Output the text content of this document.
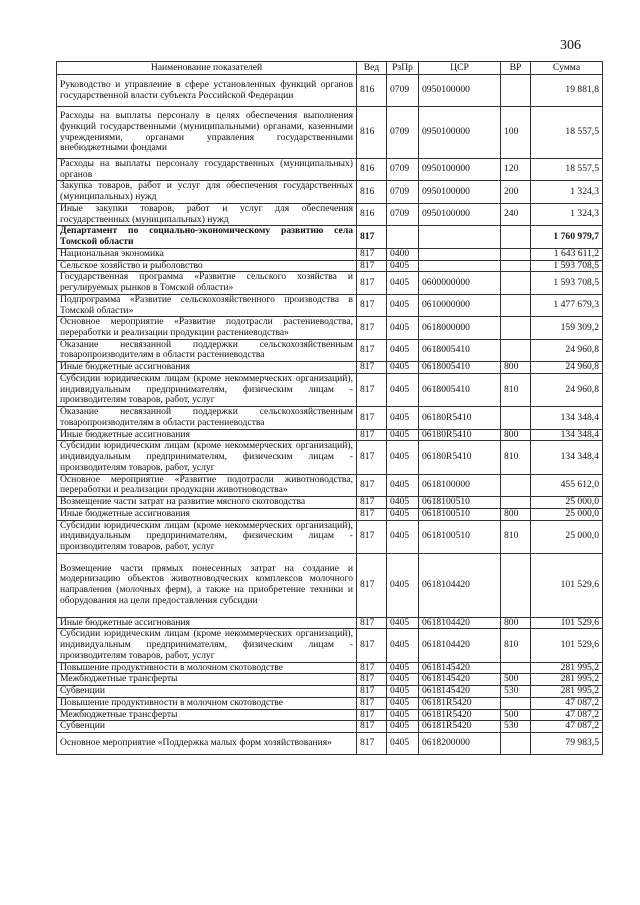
306
Наименование показателей	Вед	РзПр	ЦСР	ВР	Сумма
Руководство и управление в сфере установленных функций органов государственной власти субъекта Российской Федерации	816	0709	0950100000		19 881,8
Расходы на выплаты персоналу в целях обеспечения выполнения функций государственными (муниципальными) органами, казенными учреждениями, органами управления государственными внебюджетными фондами	816	0709	0950100000	100	18 557,5
Расходы на выплаты персоналу государственных (муниципальных) органов	816	0709	0950100000	120	18 557,5
Закупка товаров, работ и услуг для обеспечения государственных (муниципальных) нужд	816	0709	0950100000	200	1 324,3
Иные закупки товаров, работ и услуг для обеспечения государственных (муниципальных) нужд	816	0709	0950100000	240	1 324,3
Департамент по социально-экономическому развитию села Томской области	817				1 760 979,7
Национальная экономика	817	0400			1 643 611,2
Сельское хозяйство и рыболовство	817	0405			1 593 708,5
Государственная программа «Развитие сельского хозяйства и регулируемых рынков в Томской области»	817	0405	0600000000		1 593 708,5
Подпрограмма «Развитие сельскохозяйственного производства в Томской области»	817	0405	0610000000		1 477 679,3
Основное мероприятие «Развитие подотрасли растениеводства, переработки и реализации продукции растениеводства»	817	0405	0618000000		159 309,2
Оказание несвязанной поддержки сельскохозяйственным товаропроизводителям в области растениеводства	817	0405	0618005410		24 960,8
Иные бюджетные ассигнования	817	0405	0618005410	800	24 960,8
Субсидии юридическим лицам (кроме некоммерческих организаций), индивидуальным предпринимателям, физическим лицам - производителям товаров, работ, услуг	817	0405	0618005410	810	24 960,8
Оказание несвязанной поддержки сельскохозяйственным товаропроизводителям в области растениеводства	817	0405	06180R5410		134 348,4
Иные бюджетные ассигнования	817	0405	06180R5410	800	134 348,4
Субсидии юридическим лицам (кроме некоммерческих организаций), индивидуальным предпринимателям, физическим лицам - производителям товаров, работ, услуг	817	0405	06180R5410	810	134 348,4
Основное мероприятие «Развитие подотрасли животноводства, переработки и реализации продукции животноводства»	817	0405	0618100000		455 612,0
Возмещение части затрат на развитие мясного скотоводства	817	0405	0618100510		25 000,0
Иные бюджетные ассигнования	817	0405	0618100510	800	25 000,0
Субсидии юридическим лицам (кроме некоммерческих организаций), индивидуальным предпринимателям, физическим лицам - производителям товаров, работ, услуг	817	0405	0618100510	810	25 000,0
Возмещение части прямых понесенных затрат на создание и модернизацию объектов животноводческих комплексов молочного направления (молочных ферм), а также на приобретение техники и оборудования на цели предоставления субсидии	817	0405	0618104420		101 529,6
Иные бюджетные ассигнования	817	0405	0618104420	800	101 529,6
Субсидии юридическим лицам (кроме некоммерческих организаций), индивидуальным предпринимателям, физическим лицам - производителям товаров, работ, услуг	817	0405	0618104420	810	101 529,6
Повышение продуктивности в молочном скотоводстве	817	0405	0618145420		281 995,2
Межбюджетные трансферты	817	0405	0618145420	500	281 995,2
Субвенции	817	0405	0618145420	530	281 995,2
Повышение продуктивности в молочном скотоводстве	817	0405	06181R5420		47 087,2
Межбюджетные трансферты	817	0405	06181R5420	500	47 087,2
Субвенции	817	0405	06181R5420	530	47 087,2
Основное мероприятие «Поддержка малых форм хозяйствования»	817	0405	0618200000		79 983,5
